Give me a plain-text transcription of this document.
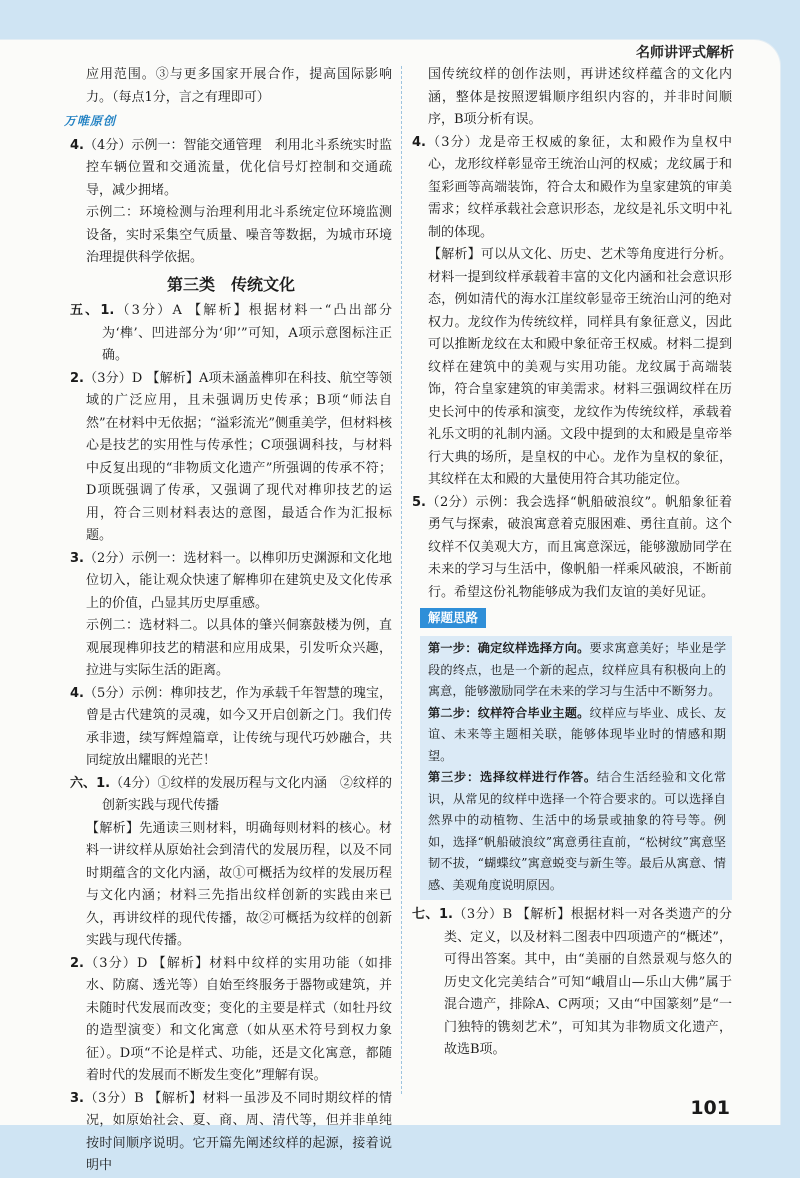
名师讲评式解析

应用范围。③与更多国家开展合作，提高国际影响力。（每点1分，言之有理即可）

万唯原创

4.（4分）示例一：智能交通管理　利用北斗系统实时监控车辆位置和交通流量，优化信号灯控制和交通疏导，减少拥堵。

示例二：环境检测与治理利用北斗系统定位环境监测设备，实时采集空气质量、噪音等数据，为城市环境治理提供科学依据。

第三类　传统文化

五、1.（3分）A 【解析】根据材料一“凸出部分为‘榫’、凹进部分为‘卯’”可知，A项示意图标注正确。

2.（3分）D 【解析】A项未涵盖榫卯在科技、航空等领域的广泛应用，且未强调历史传承；B项“师法自然”在材料中无依据；“溢彩流光”侧重美学，但材料核心是技艺的实用性与传承性；C项强调科技，与材料中反复出现的“非物质文化遗产”所强调的传承不符；D项既强调了传承，又强调了现代对榫卯技艺的运用，符合三则材料表达的意图，最适合作为汇报标题。

3.（2分）示例一：选材料一。以榫卯历史渊源和文化地位切入，能让观众快速了解榫卯在建筑史及文化传承上的价值，凸显其历史厚重感。

示例二：选材料二。以具体的肇兴侗寨鼓楼为例，直观展现榫卯技艺的精湛和应用成果，引发听众兴趣，拉进与实际生活的距离。

4.（5分）示例：榫卯技艺，作为承载千年智慧的瑰宝，曾是古代建筑的灵魂，如今又开启创新之门。我们传承非遗，续写辉煌篇章，让传统与现代巧妙融合，共同绽放出耀眼的光芒！

六、1.（4分）①纹样的发展历程与文化内涵　②纹样的创新实践与现代传播

【解析】先通读三则材料，明确每则材料的核心。材料一讲纹样从原始社会到清代的发展历程，以及不同时期蕴含的文化内涵，故①可概括为纹样的发展历程与文化内涵；材料三先指出纹样创新的实践由来已久，再讲纹样的现代传播，故②可概括为纹样的创新实践与现代传播。

2.（3分）D 【解析】材料中纹样的实用功能（如排水、防腐、透光等）自始至终服务于器物或建筑，并未随时代发展而改变；变化的主要是样式（如牡丹纹的造型演变）和文化寓意（如从巫术符号到权力象征）。D项“不论是样式、功能，还是文化寓意，都随着时代的发展而不断发生变化”理解有误。

3.（3分）B 【解析】材料一虽涉及不同时期纹样的情况，如原始社会、夏、商、周、清代等，但并非单纯按时间顺序说明。它开篇先阐述纹样的起源，接着说明中

国传统纹样的创作法则，再讲述纹样蕴含的文化内涵，整体是按照逻辑顺序组织内容的，并非时间顺序，B项分析有误。

4.（3分）龙是帝王权威的象征，太和殿作为皇权中心，龙形纹样彰显帝王统治山河的权威；龙纹属于和玺彩画等高端装饰，符合太和殿作为皇家建筑的审美需求；纹样承载社会意识形态，龙纹是礼乐文明中礼制的体现。

【解析】可以从文化、历史、艺术等角度进行分析。材料一提到纹样承载着丰富的文化内涵和社会意识形态，例如清代的海水江崖纹彰显帝王统治山河的绝对权力。龙纹作为传统纹样，同样具有象征意义，因此可以推断龙纹在太和殿中象征帝王权威。材料二提到纹样在建筑中的美观与实用功能。龙纹属于高端装饰，符合皇家建筑的审美需求。材料三强调纹样在历史长河中的传承和演变，龙纹作为传统纹样，承载着礼乐文明的礼制内涵。文段中提到的太和殿是皇帝举行大典的场所，是皇权的中心。龙作为皇权的象征，其纹样在太和殿的大量使用符合其功能定位。

5.（2分）示例：我会选择“帆船破浪纹”。帆船象征着勇气与探索，破浪寓意着克服困难、勇往直前。这个纹样不仅美观大方，而且寓意深远，能够激励同学在未来的学习与生活中，像帆船一样乘风破浪，不断前行。希望这份礼物能够成为我们友谊的美好见证。

解题思路

第一步：确定纹样选择方向。要求寓意美好；毕业是学段的终点，也是一个新的起点，纹样应具有积极向上的寓意，能够激励同学在未来的学习与生活中不断努力。

第二步：纹样符合毕业主题。纹样应与毕业、成长、友谊、未来等主题相关联，能够体现毕业时的情感和期望。

第三步：选择纹样进行作答。结合生活经验和文化常识，从常见的纹样中选择一个符合要求的。可以选择自然界中的动植物、生活中的场景或抽象的符号等。例如，选择“帆船破浪纹”寓意勇往直前，“松树纹”寓意坚韧不拔，“蝴蝶纹”寓意蜕变与新生等。最后从寓意、情感、美观角度说明原因。

七、1.（3分）B 【解析】根据材料一对各类遗产的分类、定义，以及材料二图表中四项遗产的“概述”，可得出答案。其中，由“美丽的自然景观与悠久的历史文化完美结合”可知“峨眉山—乐山大佛”属于混合遗产，排除A、C两项；又由“中国篆刻”是“一门独特的镌刻艺术”，可知其为非物质文化遗产，故选B项。

101
